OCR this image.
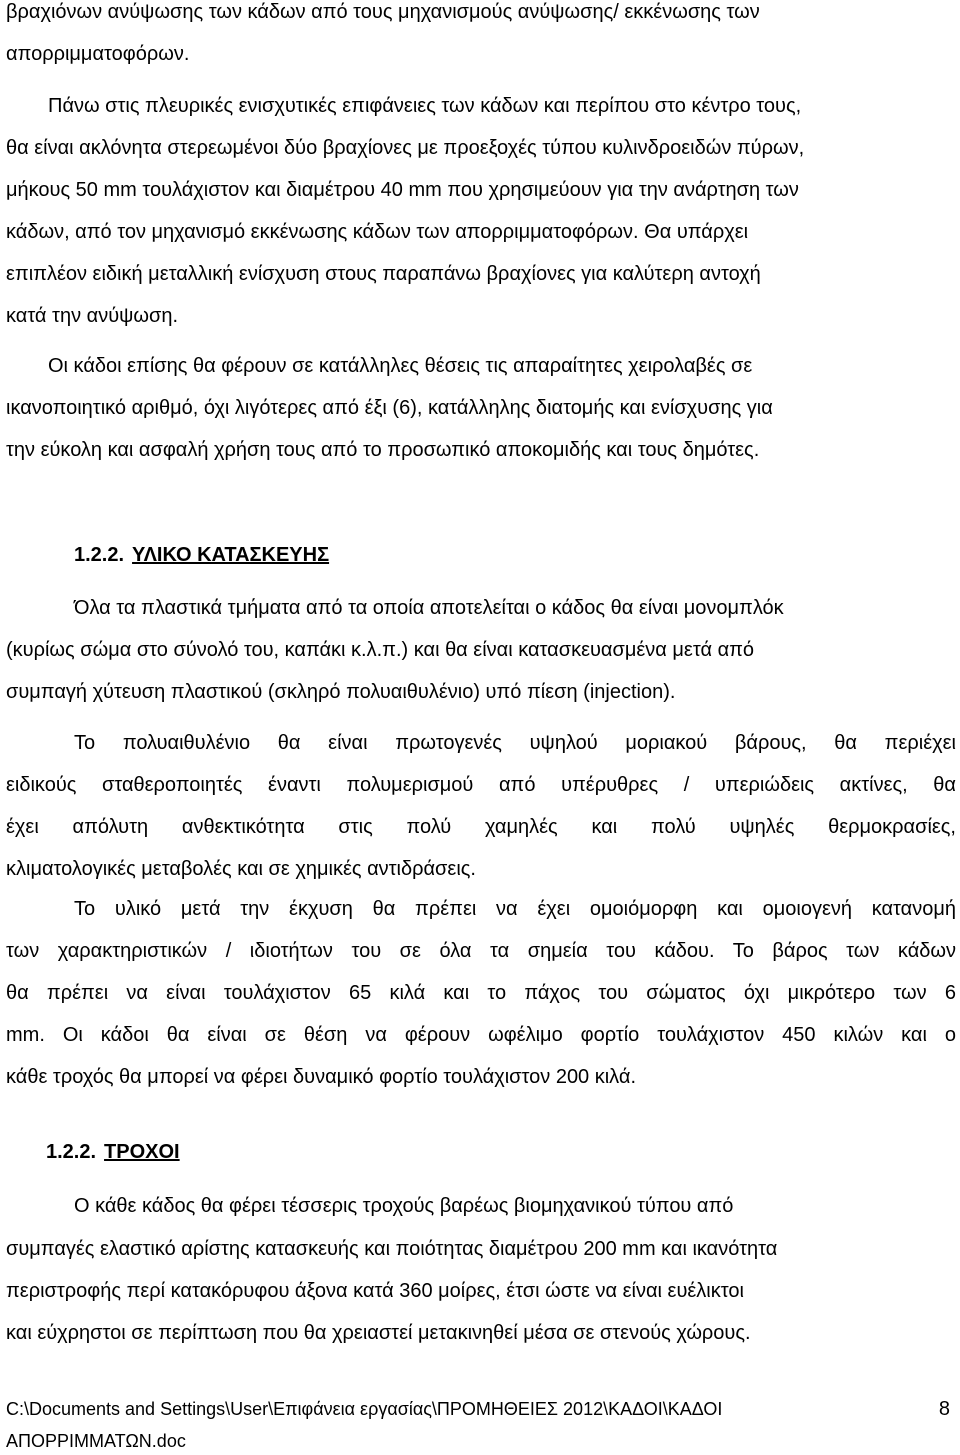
βραχιόνων ανύψωσης των κάδων από τους μηχανισμούς ανύψωσης/ εκκένωσης των
απορριμματοφόρων.
Πάνω στις πλευρικές ενισχυτικές επιφάνειες των κάδων και περίπου στο κέντρο τους,
θα είναι ακλόνητα στερεωμένοι δύο βραχίονες με προεξοχές τύπου κυλινδροειδών πύρων,
μήκους 50 mm τουλάχιστον και διαμέτρου 40 mm που χρησιμεύουν για την ανάρτηση των
κάδων, από τον μηχανισμό εκκένωσης κάδων των απορριμματοφόρων. Θα υπάρχει
επιπλέον ειδική μεταλλική ενίσχυση στους παραπάνω βραχίονες για καλύτερη αντοχή
κατά την ανύψωση.
Οι κάδοι επίσης θα φέρουν σε κατάλληλες θέσεις τις απαραίτητες χειρολαβές σε
ικανοποιητικό αριθμό, όχι λιγότερες από έξι (6), κατάλληλης διατομής και ενίσχυσης για
την εύκολη και ασφαλή χρήση τους από το προσωπικό αποκομιδής και τους δημότες.
1.2.2. ΥΛΙΚΟ ΚΑΤΑΣΚΕΥΗΣ
Όλα τα πλαστικά τμήματα από τα οποία αποτελείται ο κάδος θα είναι μονομπλόκ
(κυρίως σώμα στο σύνολό του, καπάκι κ.λ.π.) και θα είναι κατασκευασμένα μετά από
συμπαγή χύτευση πλαστικού (σκληρό πολυαιθυλένιο) υπό πίεση (injection).
Το πολυαιθυλένιο θα είναι πρωτογενές υψηλού μοριακού βάρους, θα περιέχει
ειδικούς σταθεροποιητές έναντι πολυμερισμού από υπέρυθρες / υπεριώδεις ακτίνες, θα
έχει απόλυτη ανθεκτικότητα στις πολύ χαμηλές και πολύ υψηλές θερμοκρασίες,
κλιματολογικές μεταβολές και σε χημικές αντιδράσεις.
Το υλικό μετά την έκχυση θα πρέπει να έχει ομοιόμορφη και ομοιογενή κατανομή
των χαρακτηριστικών / ιδιοτήτων του σε όλα τα σημεία του κάδου. Το βάρος των κάδων
θα πρέπει να είναι τουλάχιστον 65 κιλά και το πάχος του σώματος όχι μικρότερο των 6
mm. Οι κάδοι θα είναι σε θέση να φέρουν ωφέλιμο φορτίο τουλάχιστον 450 κιλών και ο
κάθε τροχός θα μπορεί να φέρει δυναμικό φορτίο τουλάχιστον 200 κιλά.
1.2.2. ΤΡΟΧΟΙ
Ο κάθε κάδος θα φέρει τέσσερις τροχούς βαρέως βιομηχανικού τύπου από
συμπαγές ελαστικό αρίστης κατασκευής και ποιότητας διαμέτρου 200 mm και ικανότητα
περιστροφής περί κατακόρυφου άξονα κατά 360 μοίρες, έτσι ώστε να είναι ευέλικτοι
και εύχρηστοι σε περίπτωση που θα χρειαστεί μετακινηθεί μέσα σε στενούς χώρους.
C:\Documents and Settings\User\Επιφάνεια εργασίας\ΠΡΟΜΗΘΕΙΕΣ 2012\ΚΑΔΟΙ\ΚΑΔΟΙ
ΑΠΟΡΡΙΜΜΑΤΩΝ.doc
8
